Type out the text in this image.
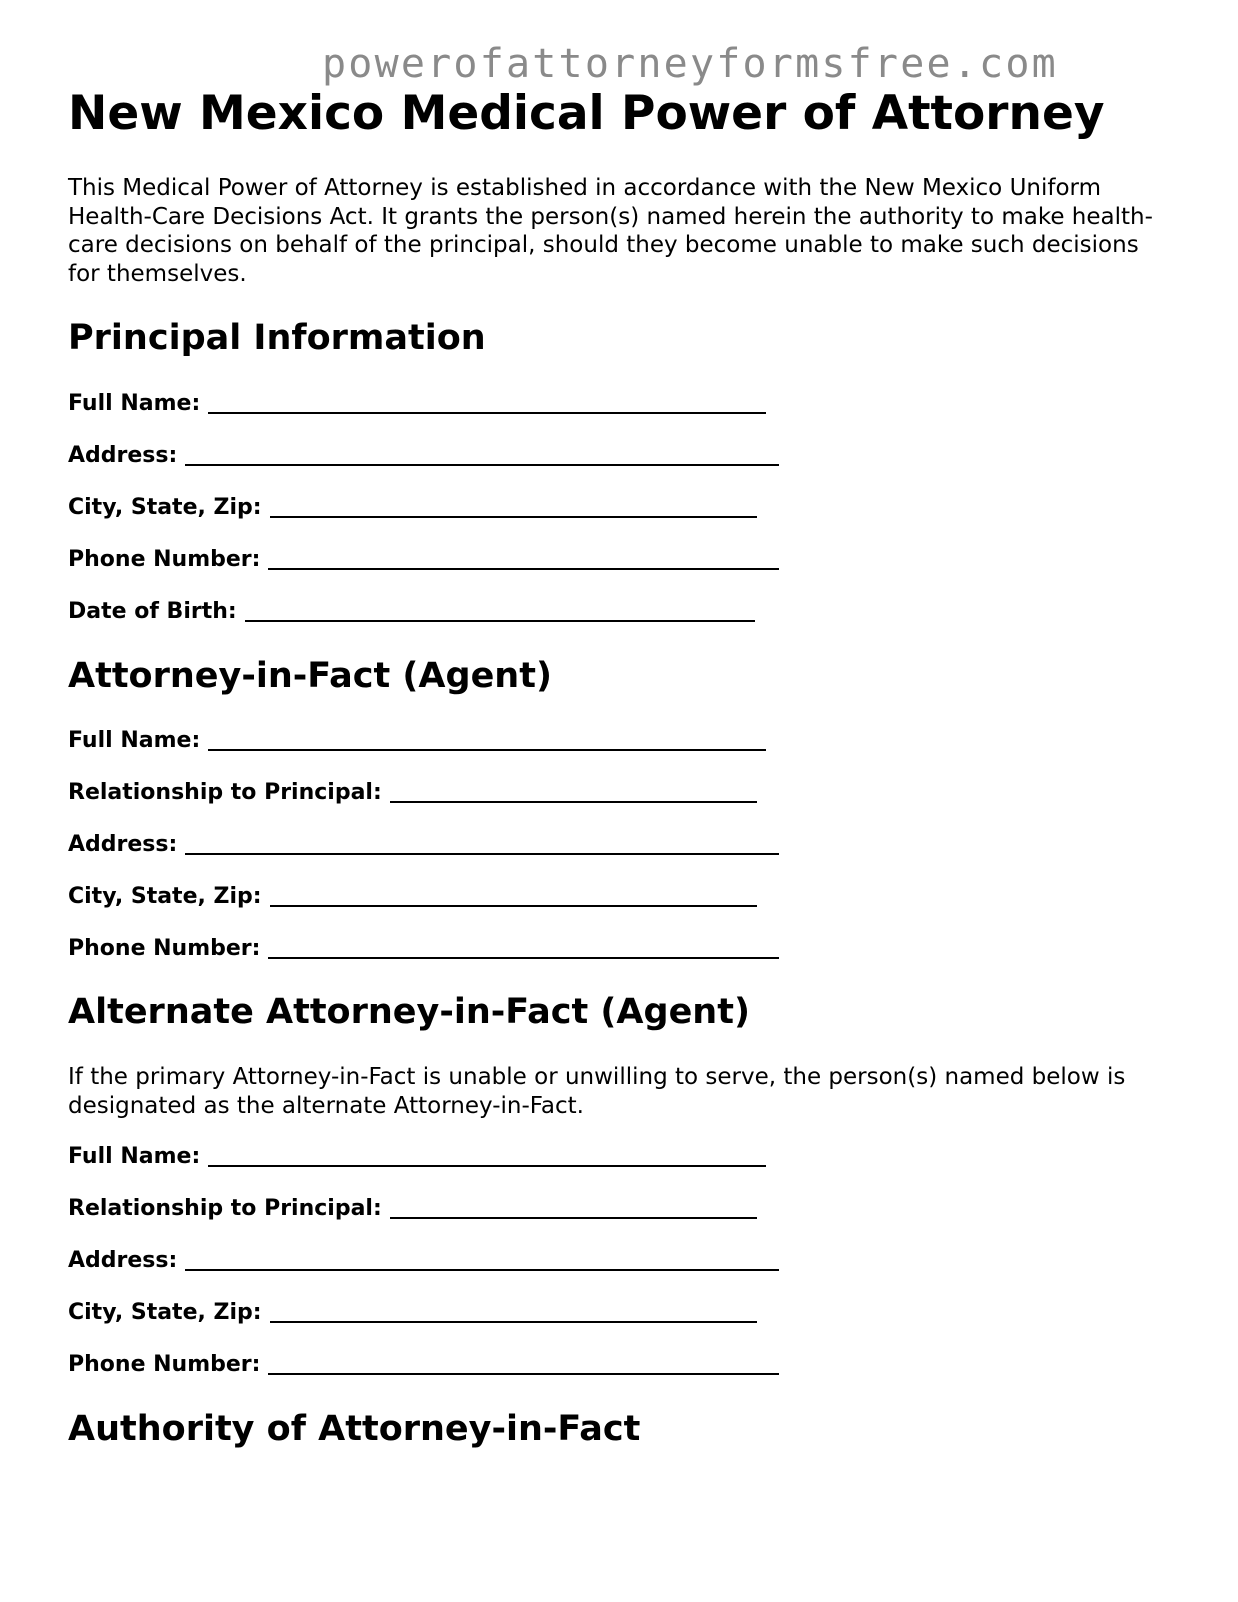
powerofattorneyformsfree.com
New Mexico Medical Power of Attorney

This Medical Power of Attorney is established in accordance with the New Mexico Uniform Health-Care Decisions Act. It grants the person(s) named herein the authority to make health-care decisions on behalf of the principal, should they become unable to make such decisions for themselves.

Principal Information
Full Name:
Address:
City, State, Zip:
Phone Number:
Date of Birth:
Attorney-in-Fact (Agent)
Full Name:
Relationship to Principal:
Address:
City, State, Zip:
Phone Number:
Alternate Attorney-in-Fact (Agent)

If the primary Attorney-in-Fact is unable or unwilling to serve, the person(s) named below is designated as the alternate Attorney-in-Fact.

Full Name:
Relationship to Principal:
Address:
City, State, Zip:
Phone Number:
Authority of Attorney-in-Fact
